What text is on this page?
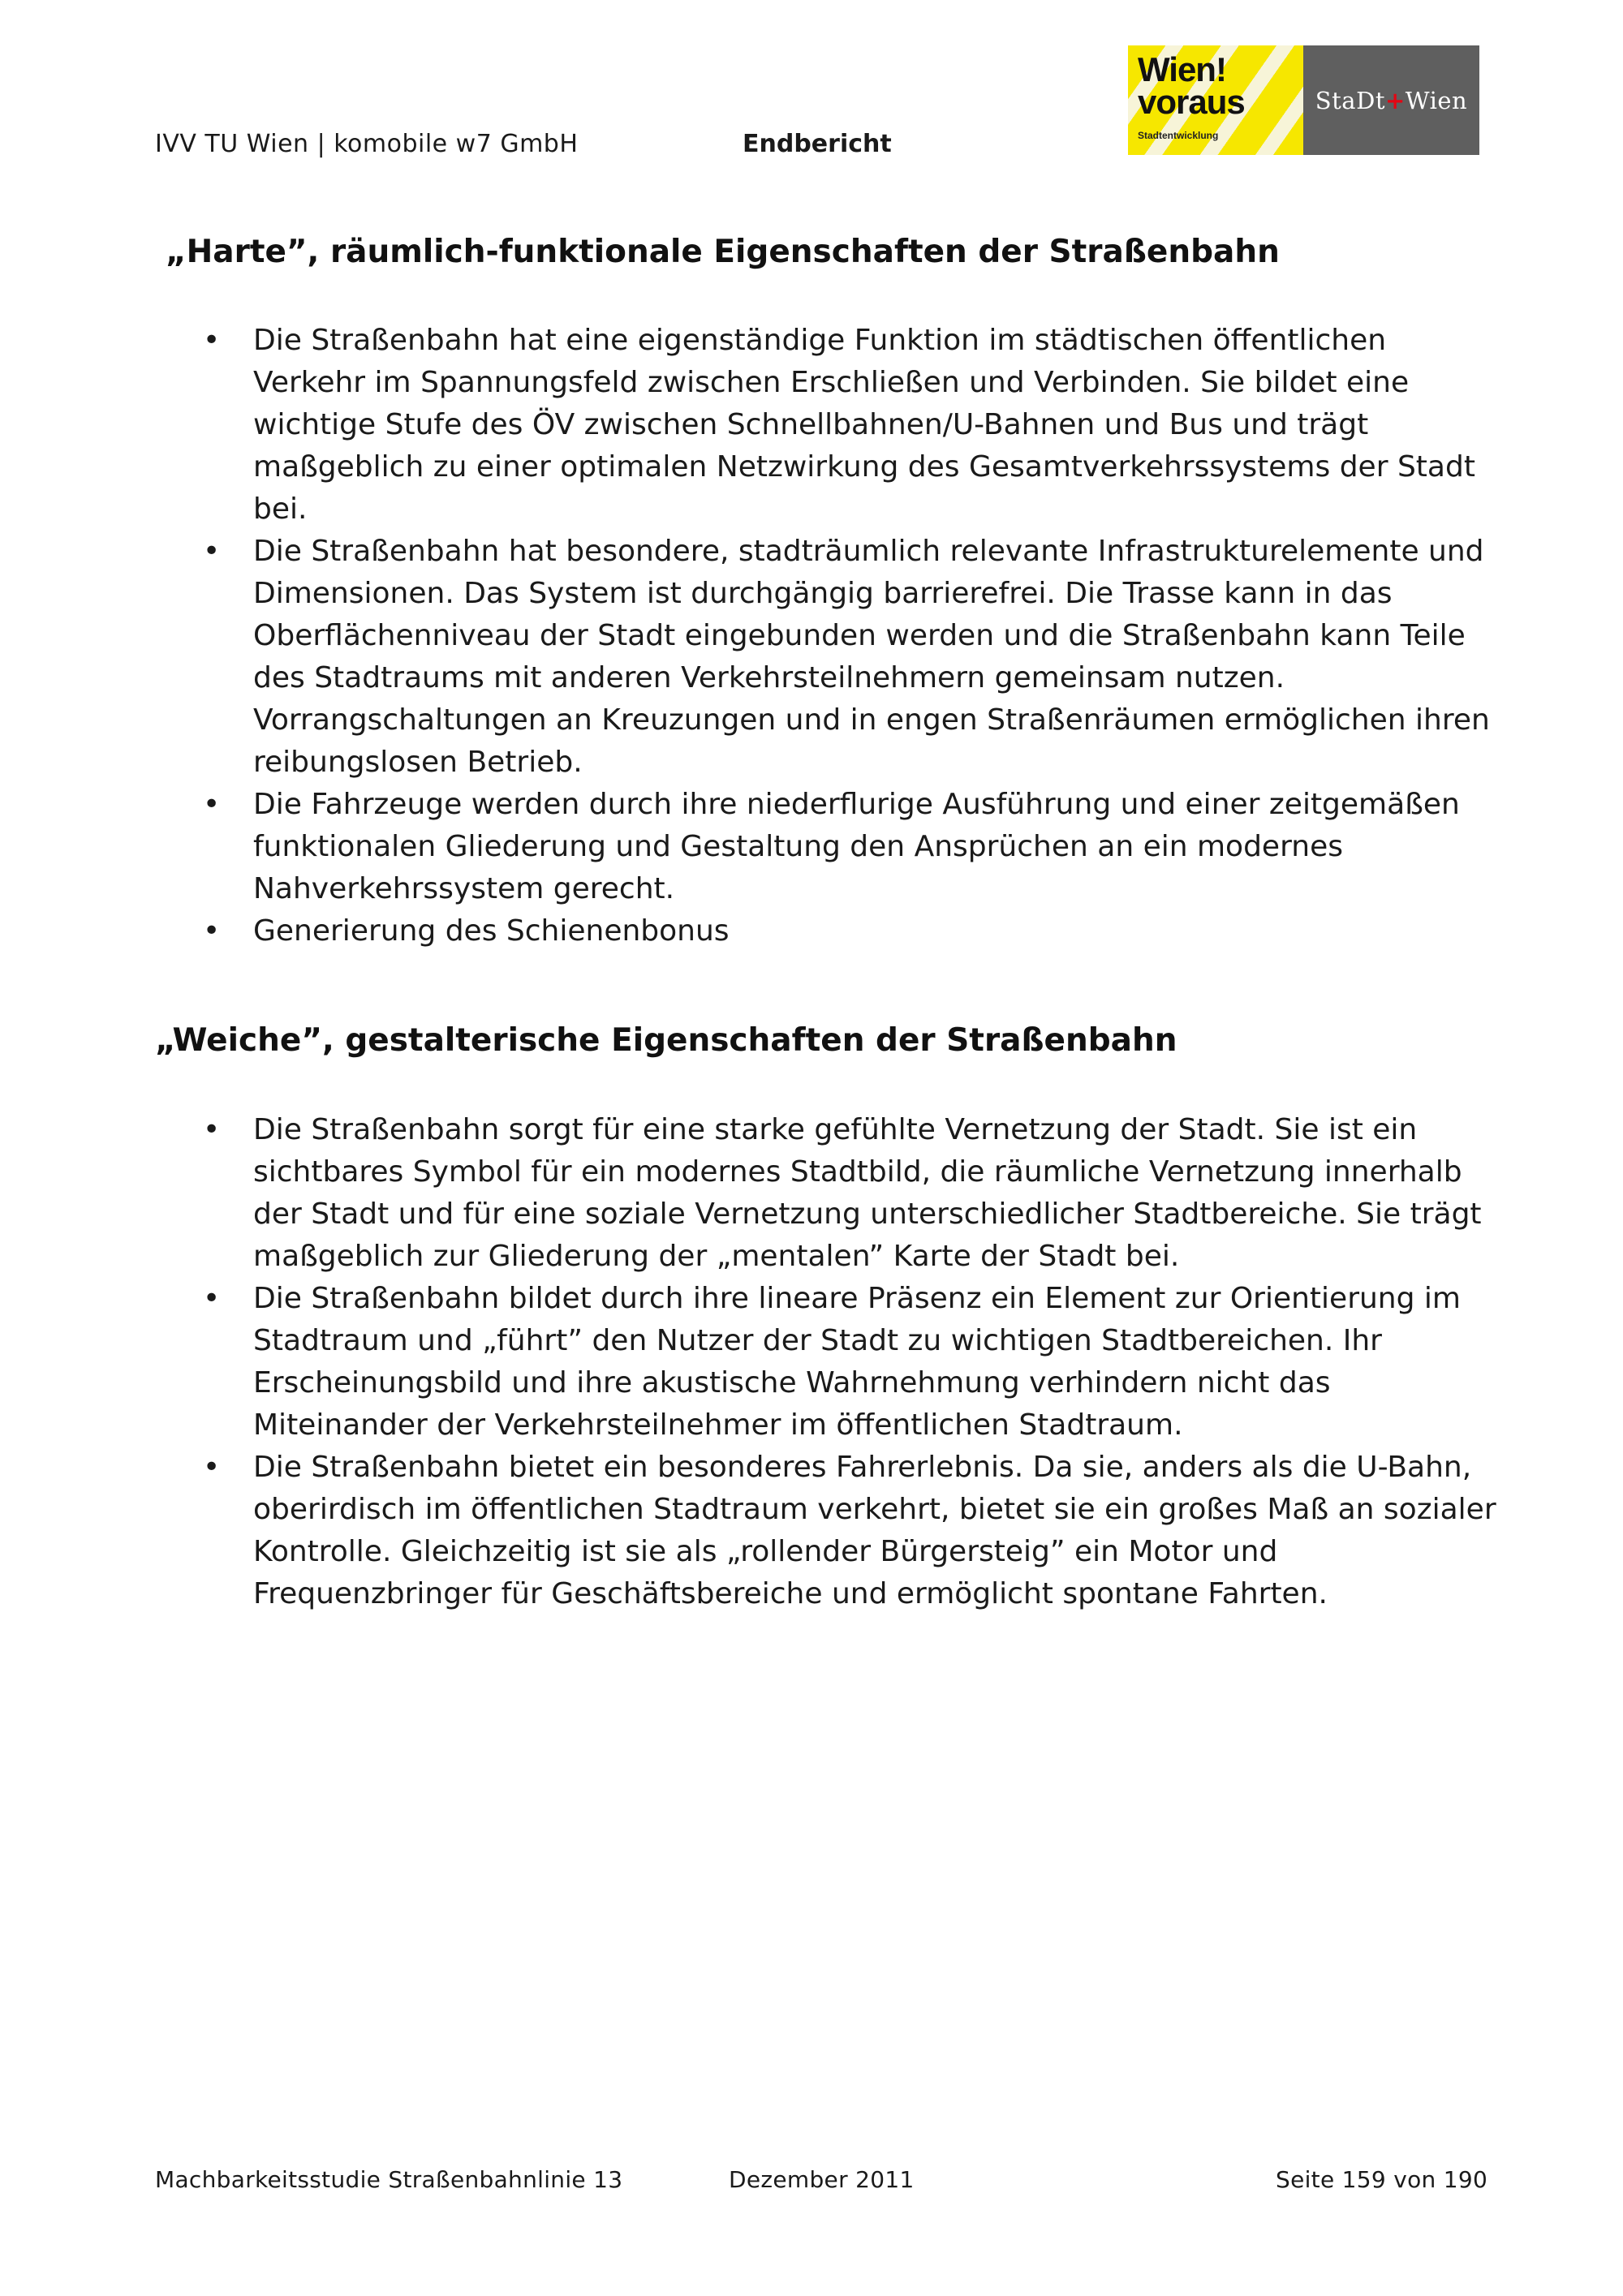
IVV TU Wien | komobile w7 GmbH	Endbericht
Wien!
voraus
Stadtentwicklung
StaDt+Wien
„Harte”, räumlich-funktionale Eigenschaften der Straßenbahn
• Die Straßenbahn hat eine eigenständige Funktion im städtischen öffentlichen Verkehr im Spannungsfeld zwischen Erschließen und Verbinden. Sie bildet eine wichtige Stufe des ÖV zwischen Schnellbahnen/U-Bahnen und Bus und trägt maßgeblich zu einer optimalen Netzwirkung des Gesamtverkehrssystems der Stadt bei.
• Die Straßenbahn hat besondere, stadträumlich relevante Infrastrukturelemente und Dimensionen. Das System ist durchgängig barrierefrei. Die Trasse kann in das Oberflächenniveau der Stadt eingebunden werden und die Straßenbahn kann Teile des Stadtraums mit anderen Verkehrsteilnehmern gemeinsam nutzen. Vorrangschaltungen an Kreuzungen und in engen Straßenräumen ermöglichen ihren reibungslosen Betrieb.
• Die Fahrzeuge werden durch ihre niederflurige Ausführung und einer zeitgemäßen funktionalen Gliederung und Gestaltung den Ansprüchen an ein modernes Nahverkehrssystem gerecht.
• Generierung des Schienenbonus
„Weiche”, gestalterische Eigenschaften der Straßenbahn
• Die Straßenbahn sorgt für eine starke gefühlte Vernetzung der Stadt. Sie ist ein sichtbares Symbol für ein modernes Stadtbild, die räumliche Vernetzung innerhalb der Stadt und für eine soziale Vernetzung unterschiedlicher Stadtbereiche. Sie trägt maßgeblich zur Gliederung der „mentalen” Karte der Stadt bei.
• Die Straßenbahn bildet durch ihre lineare Präsenz ein Element zur Orientierung im Stadtraum und „führt” den Nutzer der Stadt zu wichtigen Stadtbereichen. Ihr Erscheinungsbild und ihre akustische Wahrnehmung verhindern nicht das Miteinander der Verkehrsteilnehmer im öffentlichen Stadtraum.
• Die Straßenbahn bietet ein besonderes Fahrerlebnis. Da sie, anders als die U-Bahn, oberirdisch im öffentlichen Stadtraum verkehrt, bietet sie ein großes Maß an sozialer Kontrolle. Gleichzeitig ist sie als „rollender Bürgersteig” ein Motor und Frequenzbringer für Geschäftsbereiche und ermöglicht spontane Fahrten.
Machbarkeitsstudie Straßenbahnlinie 13	Dezember 2011	Seite 159 von 190
